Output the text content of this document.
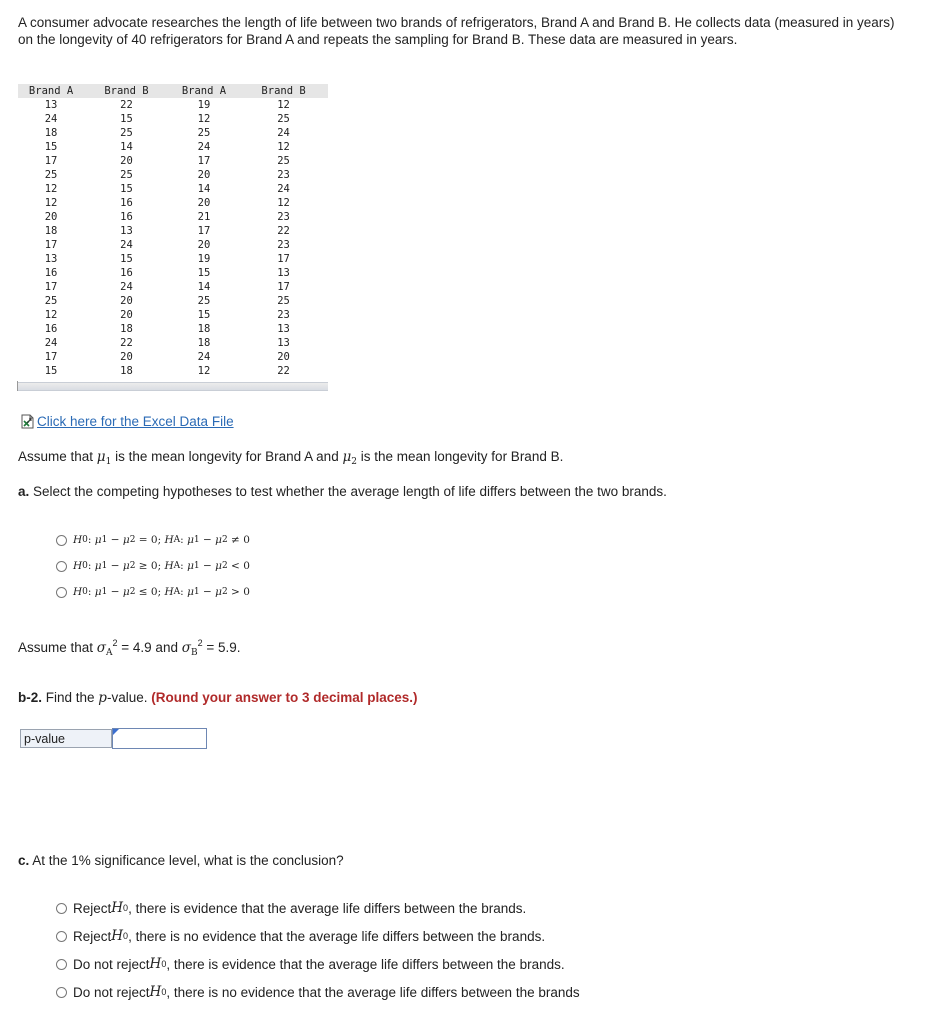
A consumer advocate researches the length of life between two brands of refrigerators, Brand A and Brand B. He collects data (measured in years) on the longevity of 40 refrigerators for Brand A and repeats the sampling for Brand B. These data are measured in years.
Brand A	Brand B	Brand A	Brand B
13	22	19	12
24	15	12	25
18	25	25	24
15	14	24	12
17	20	17	25
25	25	20	23
12	15	14	24
12	16	20	12
20	16	21	23
18	13	17	22
17	24	20	23
13	15	19	17
16	16	15	13
17	24	14	17
25	20	25	25
12	20	15	23
16	18	18	13
24	22	18	13
17	20	24	20
15	18	12	22
Click here for the Excel Data File
Assume that $\mu_1$ is the mean longevity for Brand A and $\mu_2$ is the mean longevity for Brand B.
a. Select the competing hypotheses to test whether the average length of life differs between the two brands.
H 0 : μ 1
−
μ 2
=
0 ;
H A : μ 1
−
μ 2
≠
0
H 0 : μ 1
−
μ 2
≥
0 ;
H A : μ 1
−
μ 2
<
0
H 0 : μ 1
−
μ 2
≤
0 ;
H A : μ 1
−
μ 2
>
0
Assume that $\sigma_A^2 = 4.9$ and $\sigma_B^2 = 5.9$.
b-2. Find the p-value. (Round your answer to 3 decimal places.)
p-value
c. At the 1% significance level, what is the conclusion?
Reject H 0 , there is evidence that the average life differs between the brands.
Reject H 0 , there is no evidence that the average life differs between the brands.
Do not reject H 0 , there is evidence that the average life differs between the brands.
Do not reject H 0 , there is no evidence that the average life differs between the brands
